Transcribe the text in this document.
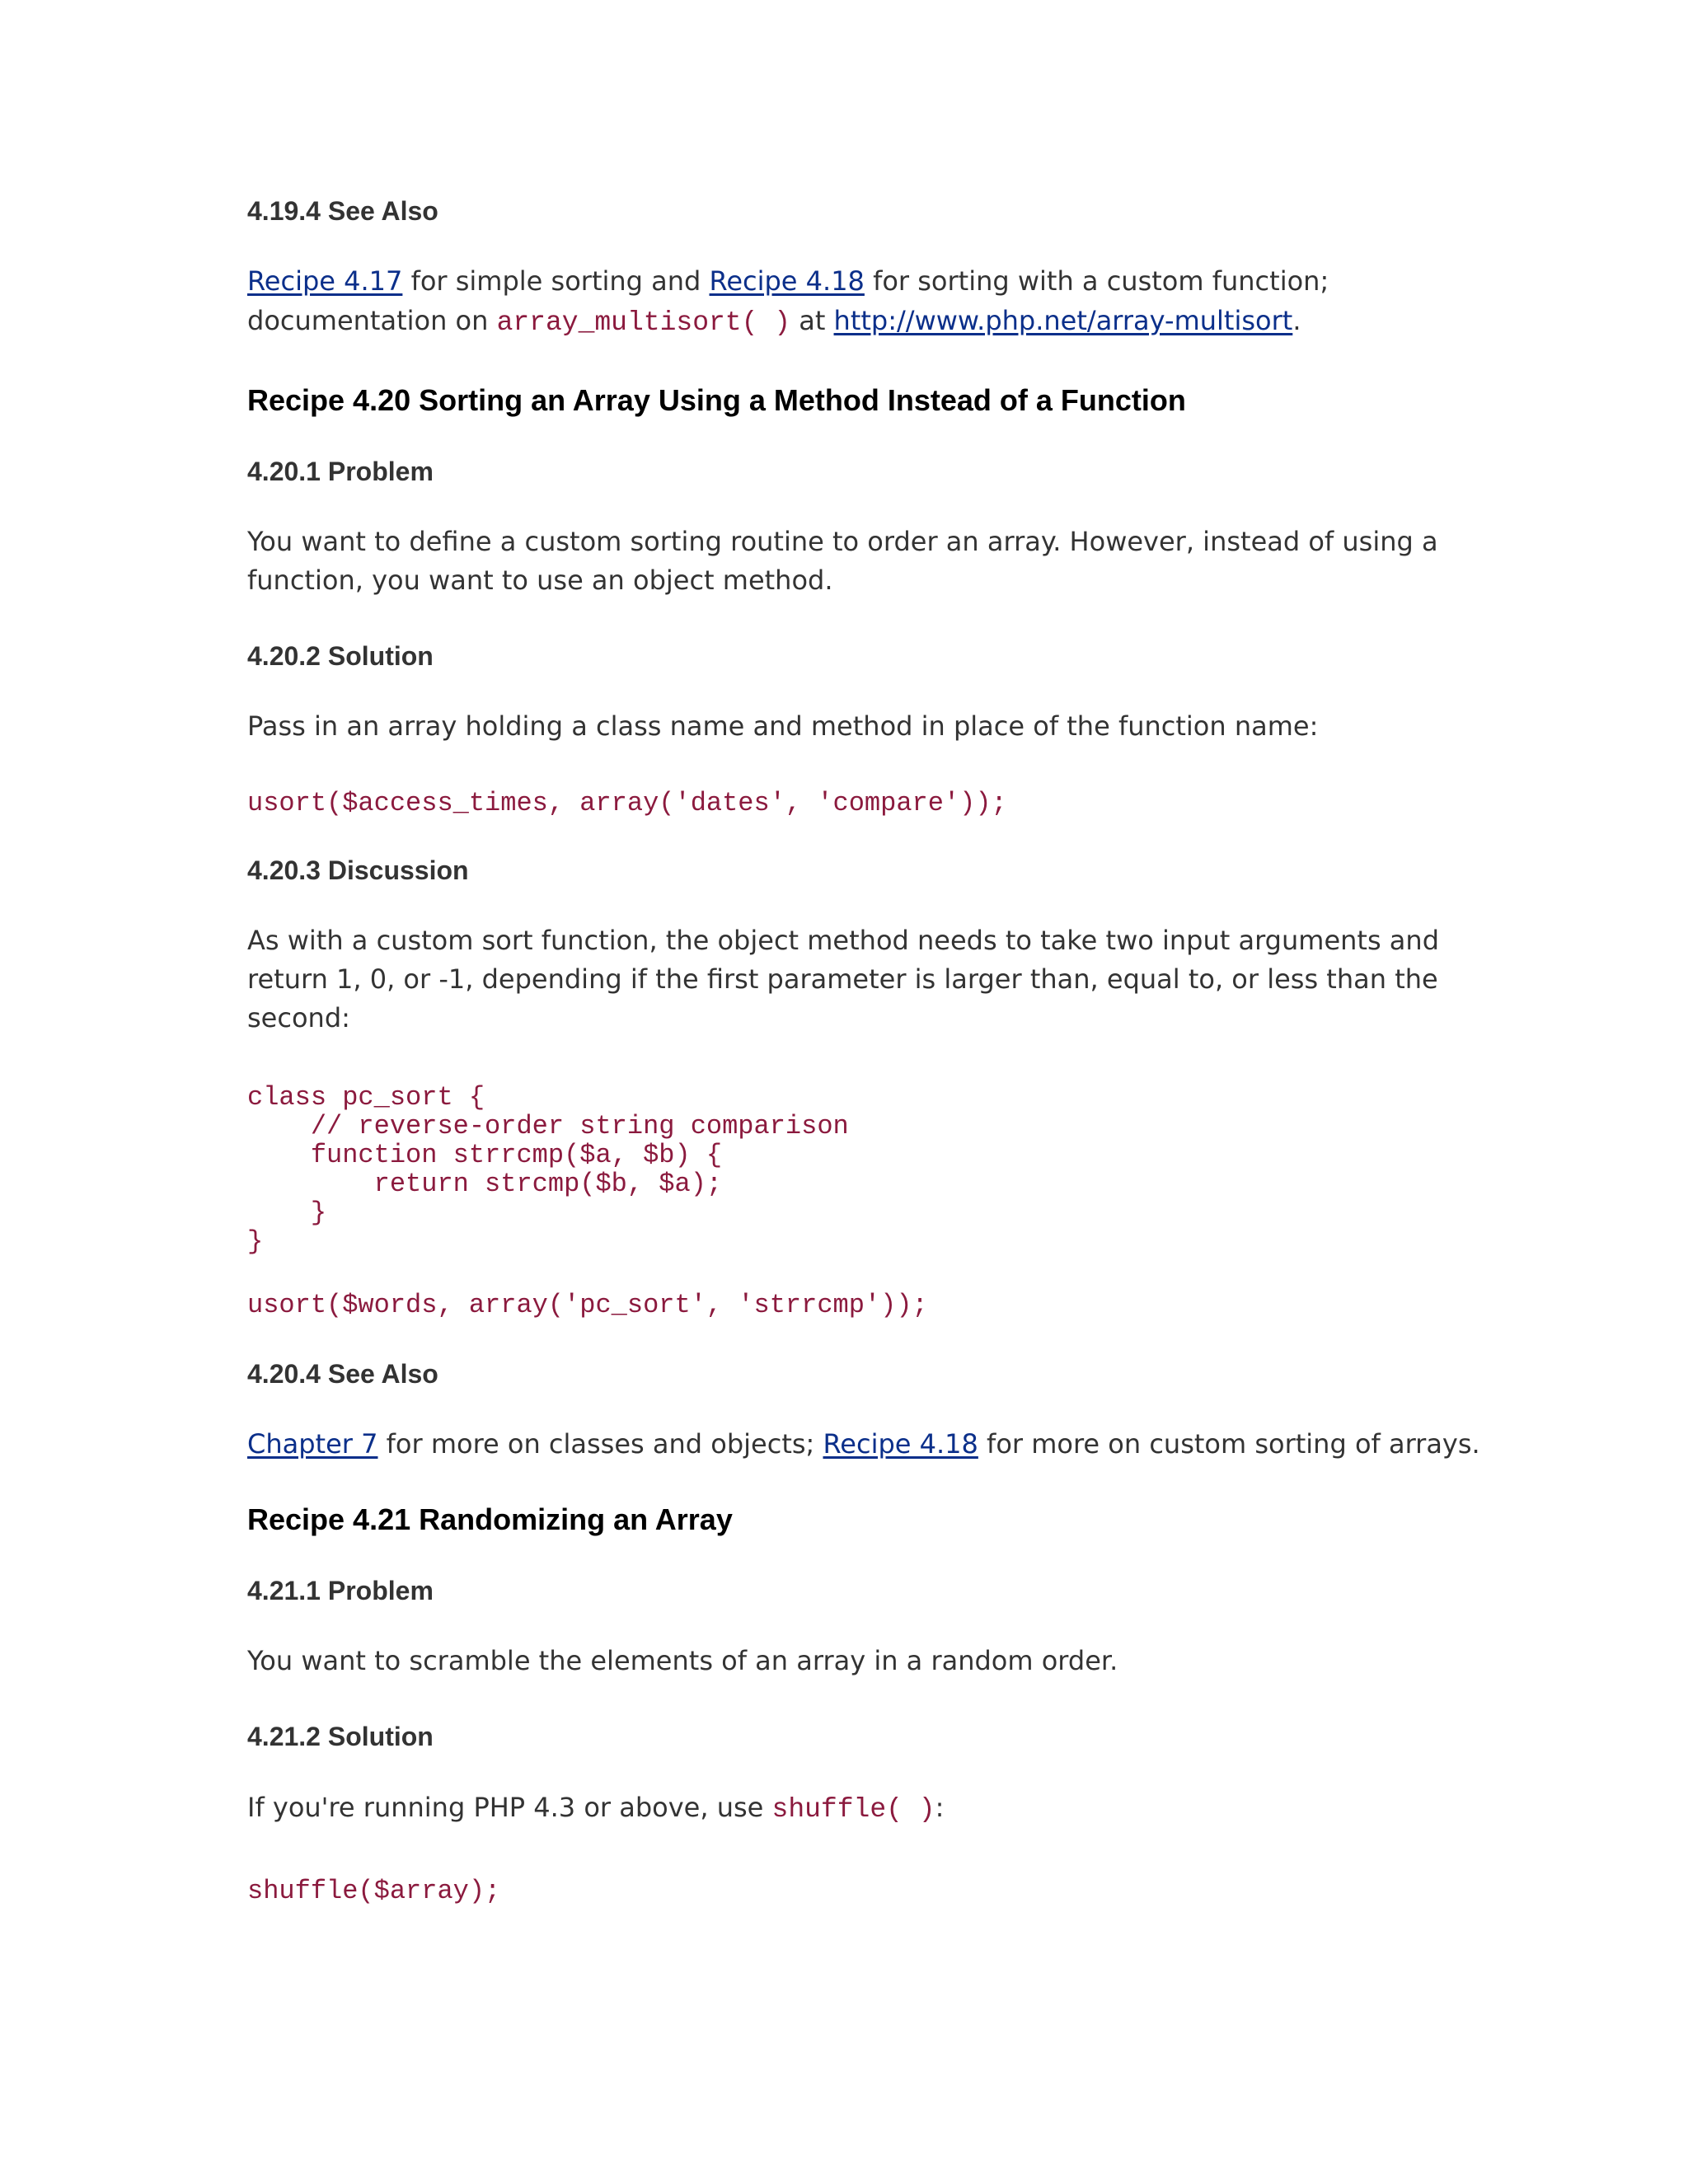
4.19.4 See Also

Recipe 4.17 for simple sorting and Recipe 4.18 for sorting with a custom function;

documentation on array_multisort( ) at http://www.php.net/array-multisort.

Recipe 4.20 Sorting an Array Using a Method Instead of a Function
4.20.1 Problem

You want to define a custom sorting routine to order an array. However, instead of using a

function, you want to use an object method.

4.20.2 Solution

Pass in an array holding a class name and method in place of the function name:

usort($access_times, array('dates', 'compare'));
4.20.3 Discussion

As with a custom sort function, the object method needs to take two input arguments and

return 1, 0, or -1, depending if the first parameter is larger than, equal to, or less than the

second:

class pc_sort {
// reverse-order string comparison
function strrcmp($a, $b) {
return strcmp($b, $a);
}
}
usort($words, array('pc_sort', 'strrcmp'));
4.20.4 See Also

Chapter 7 for more on classes and objects; Recipe 4.18 for more on custom sorting of arrays.

Recipe 4.21 Randomizing an Array
4.21.1 Problem

You want to scramble the elements of an array in a random order.

4.21.2 Solution

If you're running PHP 4.3 or above, use shuffle( ):

shuffle($array);
